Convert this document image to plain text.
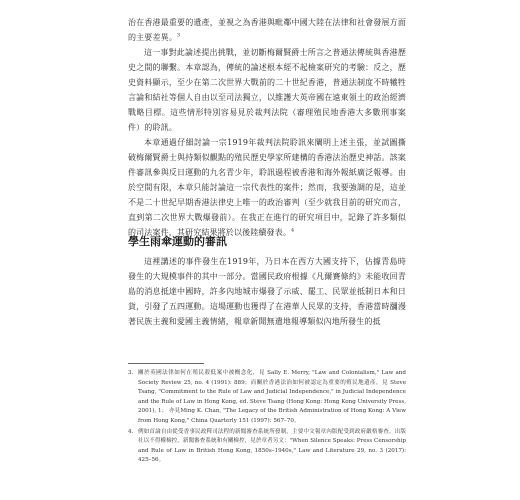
治在香港最重要的遺產，並視之為香港與毗鄰中國大陸在法律和社會發展方面的主要差異。$^3$

這一事對此論述提出挑戰，並切斷梅爾賢爵士所言之普通法傳統與香港歷史之間的聯繫。本章認為，傳統的論述根本經不起檢案研究的考驗：反之，歷史資料顯示，至少在第二次世界大戰前的二十世紀香港，普通法制度不時犧牲言論和結社等個人自由以至司法獨立，以維護大英帝國在遠東領土的政治經濟戰略目標。這些情形特別容易見於裁判法院（審理殖民地香港大多數刑事案件）的聆訊。

本章通過仔細討論一宗1919年裁判法院聆訊來闡明上述主張，並試圖撕破梅爾賢爵士與持類似觀點的殖民歷史學家所建構的香港法治歷史神話。該案件審訊參與反日運動的九名青少年，聆訊過程被香港和海外報紙廣泛報導。由於空間有限，本章只能討論這一宗代表性的案件；然而，我要強調的是，這並不是二十世紀早期香港法律史上唯一的政治審判（至少就我目前的研究而言，直到第二次世界大戰爆發前）。在我正在進行的研究項目中，記錄了許多類似的司法案件，其研究結果將於以後陸續發表。$^4$

學生雨傘運動的審訊

這裡講述的事件發生在1919年，乃日本在西方大國支持下，佔據青島時發生的大規模事件的其中一部分。當國民政府根據《凡爾賽條約》未能收回青島的消息抵達中國時，許多內地城市爆發了示威、罷工、民眾並抵制日本和日貨，引發了五四運動。這場運動也獲得了在港華人民眾的支持，香港當時瀰漫著民族主義和愛國主義情緒，報章新聞無遺地報導類似內地所發生的抵

3. 關於英國法律如何在殖民殺低案中被概念化，見 Sally E. Merry, "Law and Colonialism," Law and Society Review 25, no. 4 (1991): 889；而關於香港法治如何被認定為重要的殖民地遺產，見 Steve Tsang, "Commitment to the Rule of Law and Judicial Independence," in Judicial Independence and the Rule of Law in Hong Kong, ed. Steve Tsang (Hong Kong: Hong Kong University Press, 2001), 1； 亦見Ming K. Chan, "The Legacy of the British Administration of Hong Kong: A View from Hong Kong," China Quarterly 151 (1997): 567–70。
4. 例如首論自由從受香事民政釋司法程的新聞審查系統所發制，主要中文報章內版配受到政府嚴格審查，出版社以不得權檢控，新聞審查系統和有關檢控，見於章者另文："When Silence Speaks: Press Censorship and Rule of Law in British Hong Kong, 1850s–1940s," Law and Literature 29, no. 3 (2017): 425–56。
